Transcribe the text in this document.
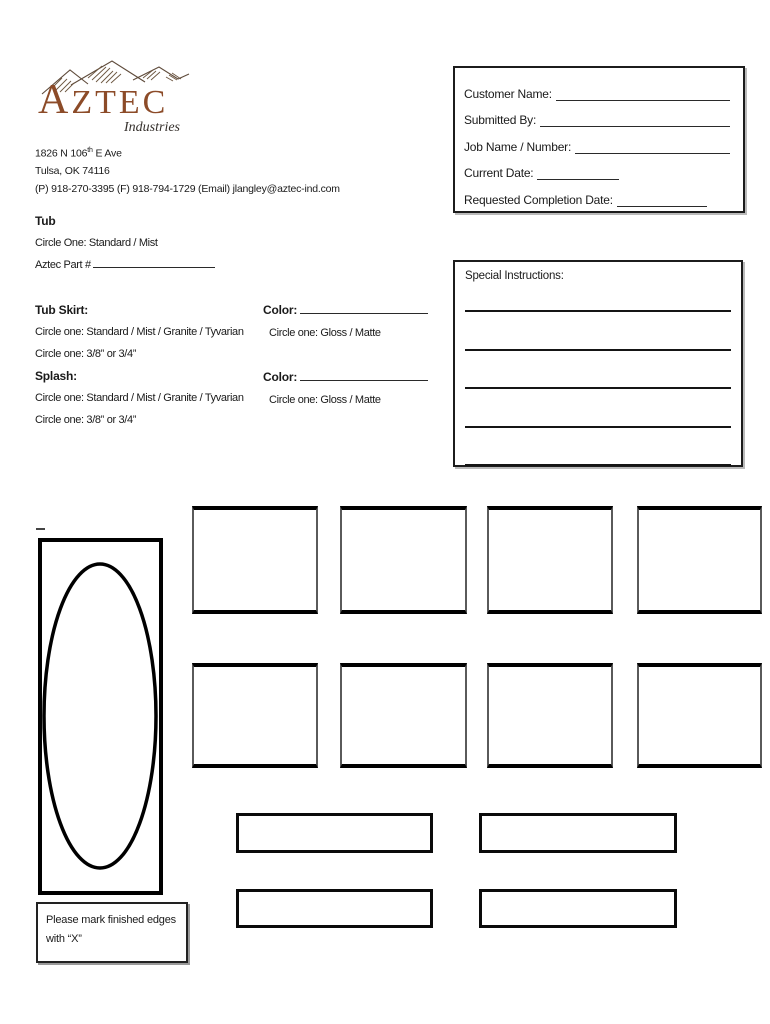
AZTEC
Industries
1826 N 106th E Ave
Tulsa, OK 74116
(P) 918-270-3395 (F) 918-794-1729 (Email) jlangley@aztec-ind.com
Customer Name:
Submitted By:
Job Name / Number:
Current Date:
Requested Completion Date:
Tub
Circle One: Standard / Mist
Aztec Part #
Tub Skirt:
Circle one: Standard / Mist / Granite / Tyvarian
Circle one: 3/8” or 3/4”
Splash:
Circle one: Standard / Mist / Granite / Tyvarian
Circle one: 3/8” or 3/4”
Color:
Circle one: Gloss / Matte
Color:
Circle one: Gloss / Matte
Special Instructions:
Please mark finished edges
with “X”
